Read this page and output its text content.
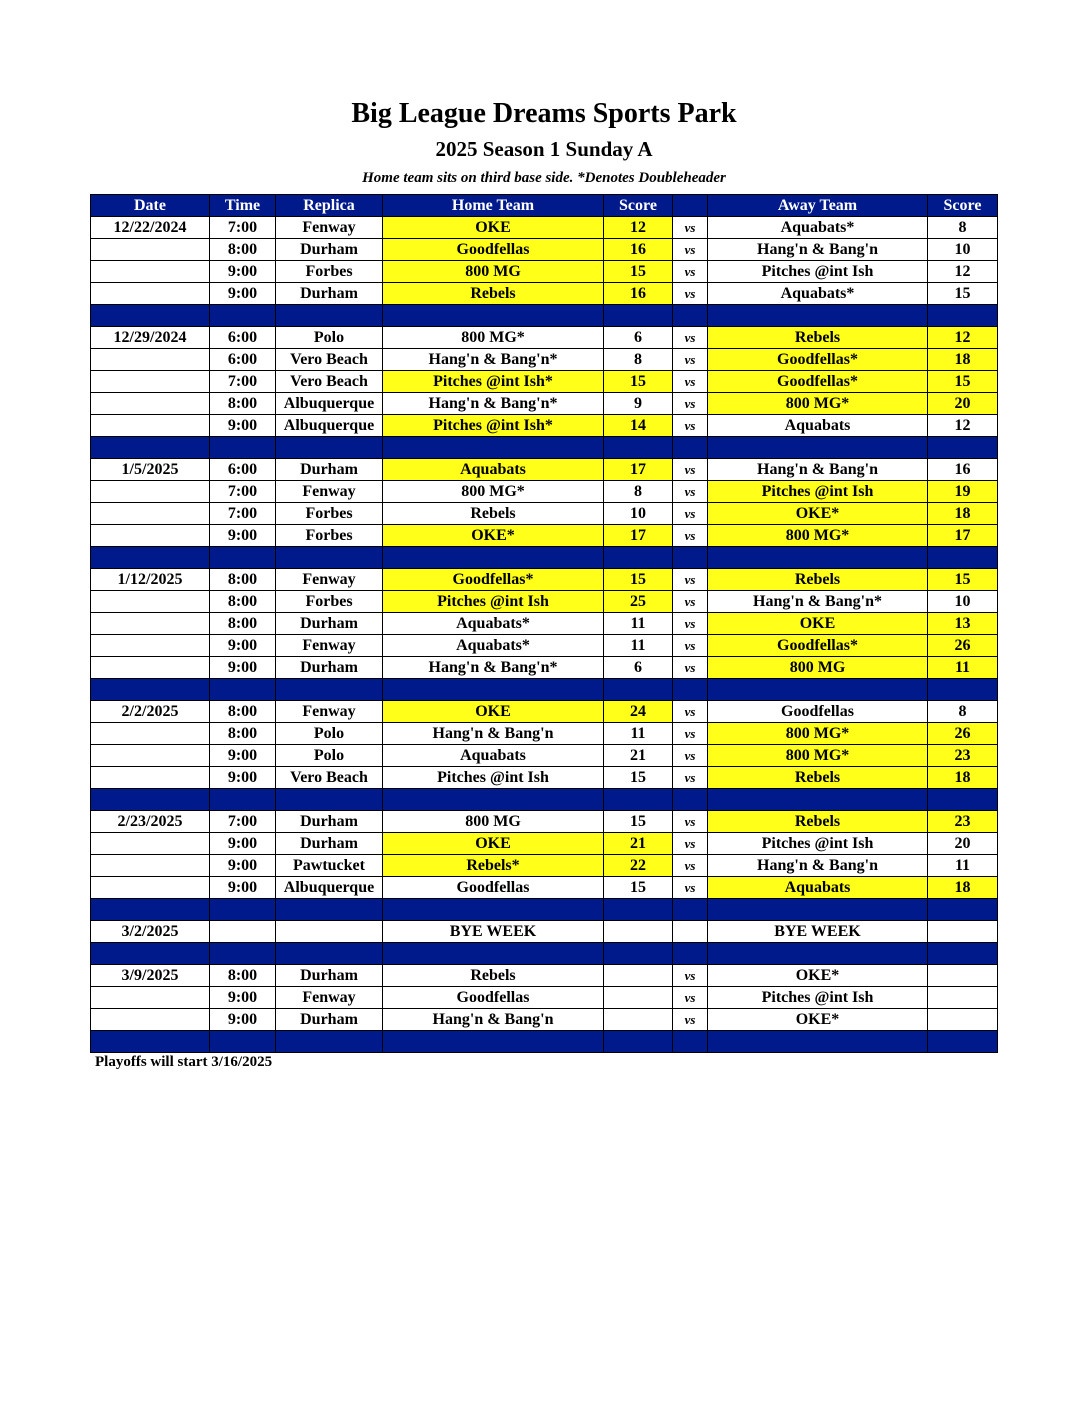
Big League Dreams Sports Park
2025 Season 1 Sunday A
Home team sits on third base side. *Denotes Doubleheader
Date	Time	Replica	Home Team	Score		Away Team	Score
12/22/2024	7:00	Fenway	OKE	12	vs	Aquabats*	8
	8:00	Durham	Goodfellas	16	vs	Hang'n & Bang'n	10
	9:00	Forbes	800 MG	15	vs	Pitches @int Ish	12
	9:00	Durham	Rebels	16	vs	Aquabats*	15

12/29/2024	6:00	Polo	800 MG*	6	vs	Rebels	12
	6:00	Vero Beach	Hang'n & Bang'n*	8	vs	Goodfellas*	18
	7:00	Vero Beach	Pitches @int Ish*	15	vs	Goodfellas*	15
	8:00	Albuquerque	Hang'n & Bang'n*	9	vs	800 MG*	20
	9:00	Albuquerque	Pitches @int Ish*	14	vs	Aquabats	12

1/5/2025	6:00	Durham	Aquabats	17	vs	Hang'n & Bang'n	16
	7:00	Fenway	800 MG*	8	vs	Pitches @int Ish	19
	7:00	Forbes	Rebels	10	vs	OKE*	18
	9:00	Forbes	OKE*	17	vs	800 MG*	17

1/12/2025	8:00	Fenway	Goodfellas*	15	vs	Rebels	15
	8:00	Forbes	Pitches @int Ish	25	vs	Hang'n & Bang'n*	10
	8:00	Durham	Aquabats*	11	vs	OKE	13
	9:00	Fenway	Aquabats*	11	vs	Goodfellas*	26
	9:00	Durham	Hang'n & Bang'n*	6	vs	800 MG	11

2/2/2025	8:00	Fenway	OKE	24	vs	Goodfellas	8
	8:00	Polo	Hang'n & Bang'n	11	vs	800 MG*	26
	9:00	Polo	Aquabats	21	vs	800 MG*	23
	9:00	Vero Beach	Pitches @int Ish	15	vs	Rebels	18

2/23/2025	7:00	Durham	800 MG	15	vs	Rebels	23
	9:00	Durham	OKE	21	vs	Pitches @int Ish	20
	9:00	Pawtucket	Rebels*	22	vs	Hang'n & Bang'n	11
	9:00	Albuquerque	Goodfellas	15	vs	Aquabats	18

3/2/2025			BYE WEEK			BYE WEEK	

3/9/2025	8:00	Durham	Rebels		vs	OKE*	
	9:00	Fenway	Goodfellas		vs	Pitches @int Ish	
	9:00	Durham	Hang'n & Bang'n		vs	OKE*	

Playoffs will start 3/16/2025
